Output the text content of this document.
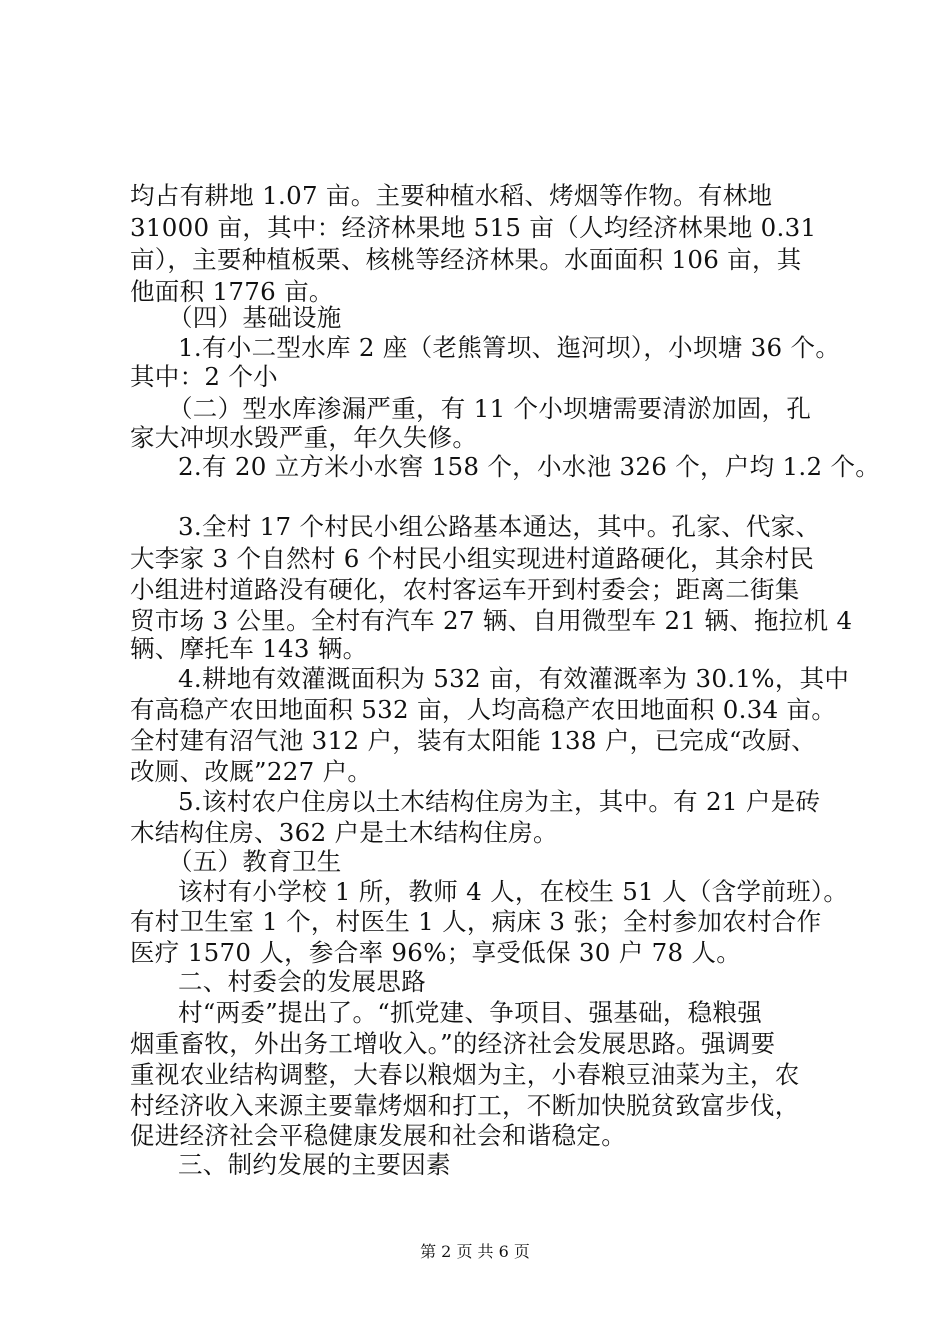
均占有耕地 1.07 亩。主要种植水稻、烤烟等作物。有林地

31000 亩，其中：经济林果地 515 亩（人均经济林果地 0.31

亩），主要种植板栗、核桃等经济林果。水面面积 106 亩，其

他面积 1776 亩。

（四）基础设施

1.有小二型水库 2 座（老熊箐坝、迤河坝），小坝塘 36 个。

其中：2 个小

（二）型水库渗漏严重，有 11 个小坝塘需要清淤加固，孔

家大冲坝水毁严重，年久失修。

2.有 20 立方米小水窖 158 个，小水池 326 个，户均 1.2 个。

3.全村 17 个村民小组公路基本通达，其中。孔家、代家、

大李家 3 个自然村 6 个村民小组实现进村道路硬化，其余村民

小组进村道路没有硬化，农村客运车开到村委会；距离二街集

贸市场 3 公里。全村有汽车 27 辆、自用微型车 21 辆、拖拉机 4

辆、摩托车 143 辆。

4.耕地有效灌溉面积为 532 亩，有效灌溉率为 30.1%，其中

有高稳产农田地面积 532 亩，人均高稳产农田地面积 0.34 亩。

全村建有沼气池 312 户，装有太阳能 138 户，已完成“改厨、

改厕、改厩”227 户。

5.该村农户住房以土木结构住房为主，其中。有 21 户是砖

木结构住房、362 户是土木结构住房。

（五）教育卫生

该村有小学校 1 所，教师 4 人，在校生 51 人（含学前班）。

有村卫生室 1 个，村医生 1 人，病床 3 张；全村参加农村合作

医疗 1570 人，参合率 96%；享受低保 30 户 78 人。

二、村委会的发展思路

村“两委”提出了。“抓党建、争项目、强基础，稳粮强

烟重畜牧，外出务工增收入。”的经济社会发展思路。强调要

重视农业结构调整，大春以粮烟为主，小春粮豆油菜为主，农

村经济收入来源主要靠烤烟和打工，不断加快脱贫致富步伐，

促进经济社会平稳健康发展和社会和谐稳定。

三、制约发展的主要因素

第 2 页 共 6 页
